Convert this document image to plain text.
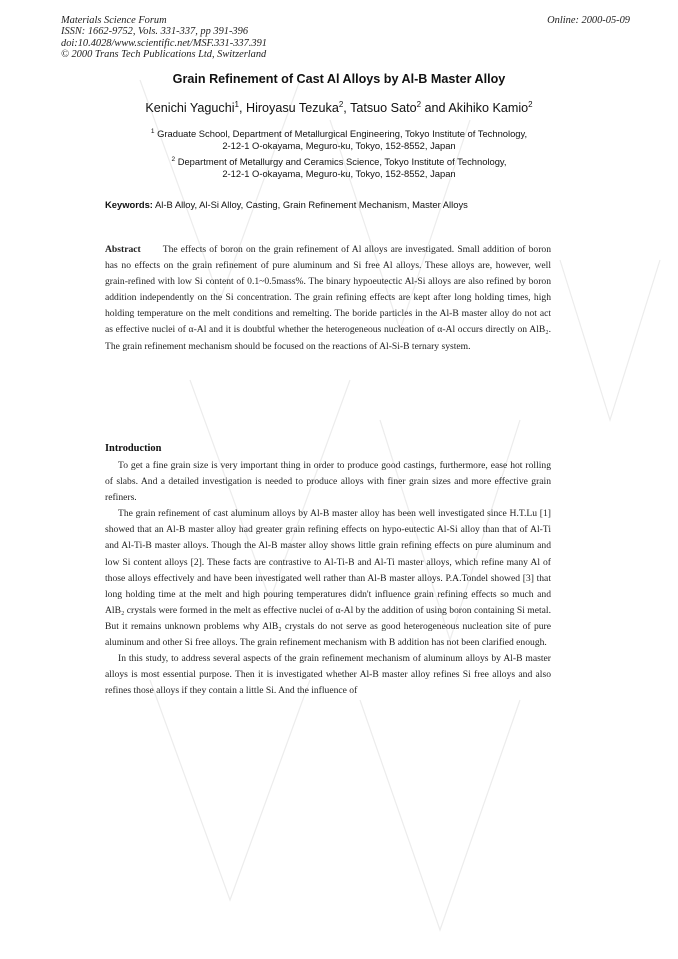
Materials Science Forum
ISSN: 1662-9752, Vols. 331-337, pp 391-396
doi:10.4028/www.scientific.net/MSF.331-337.391
© 2000 Trans Tech Publications Ltd, Switzerland
Online: 2000-05-09
Grain Refinement of Cast Al Alloys by Al-B Master Alloy
Kenichi Yaguchi$^1$, Hiroyasu Tezuka$^2$, Tatsuo Sato$^2$ and Akihiko Kamio$^2$
$^1$ Graduate School, Department of Metallurgical Engineering, Tokyo Institute of Technology,
2-12-1 O-okayama, Meguro-ku, Tokyo, 152-8552, Japan
$^2$ Department of Metallurgy and Ceramics Science, Tokyo Institute of Technology,
2-12-1 O-okayama, Meguro-ku, Tokyo, 152-8552, Japan
Keywords: Al-B Alloy, Al-Si Alloy, Casting, Grain Refinement Mechanism, Master Alloys
Abstract The effects of boron on the grain refinement of Al alloys are investigated. Small addition of boron has no effects on the grain refinement of pure aluminum and Si free Al alloys. These alloys are, however, well grain-refined with low Si content of 0.1~0.5mass%. The binary hypoeutectic Al-Si alloys are also refined by boron addition independently on the Si concentration. The grain refining effects are kept after long holding times, high holding temperature on the melt conditions and remelting. The boride particles in the Al-B master alloy do not act as effective nuclei of α-Al and it is doubtful whether the heterogeneous nucleation of α-Al occurs directly on AlB₂. The grain refinement mechanism should be focused on the reactions of Al-Si-B ternary system.
Introduction

To get a fine grain size is very important thing in order to produce good castings, furthermore, ease hot rolling of slabs. And a detailed investigation is needed to produce alloys with finer grain sizes and more effective grain refiners.

The grain refinement of cast aluminum alloys by Al-B master alloy has been well investigated since H.T.Lu [1] showed that an Al-B master alloy had greater grain refining effects on hypo-eutectic Al-Si alloy than that of Al-Ti and Al-Ti-B master alloys. Though the Al-B master alloy shows little grain refining effects on pure aluminum and low Si content alloys [2]. These facts are contrastive to Al-Ti-B and Al-Ti master alloys, which refine many Al of those alloys effectively and have been investigated well rather than Al-B master alloys. P.A.Tondel showed [3] that long holding time at the melt and high pouring temperatures didn't influence grain refining effects so much and AlB₂ crystals were formed in the melt as effective nuclei of α-Al by the addition of using boron containing Si metal. But it remains unknown problems why AlB₂ crystals do not serve as good heterogeneous nucleation site of pure aluminum and other Si free alloys. The grain refinement mechanism with B addition has not been clarified enough.

In this study, to address several aspects of the grain refinement mechanism of aluminum alloys by Al-B master alloys is most essential purpose. Then it is investigated whether Al-B master alloy refines Si free alloys and also refines those alloys if they contain a little Si. And the influence of
